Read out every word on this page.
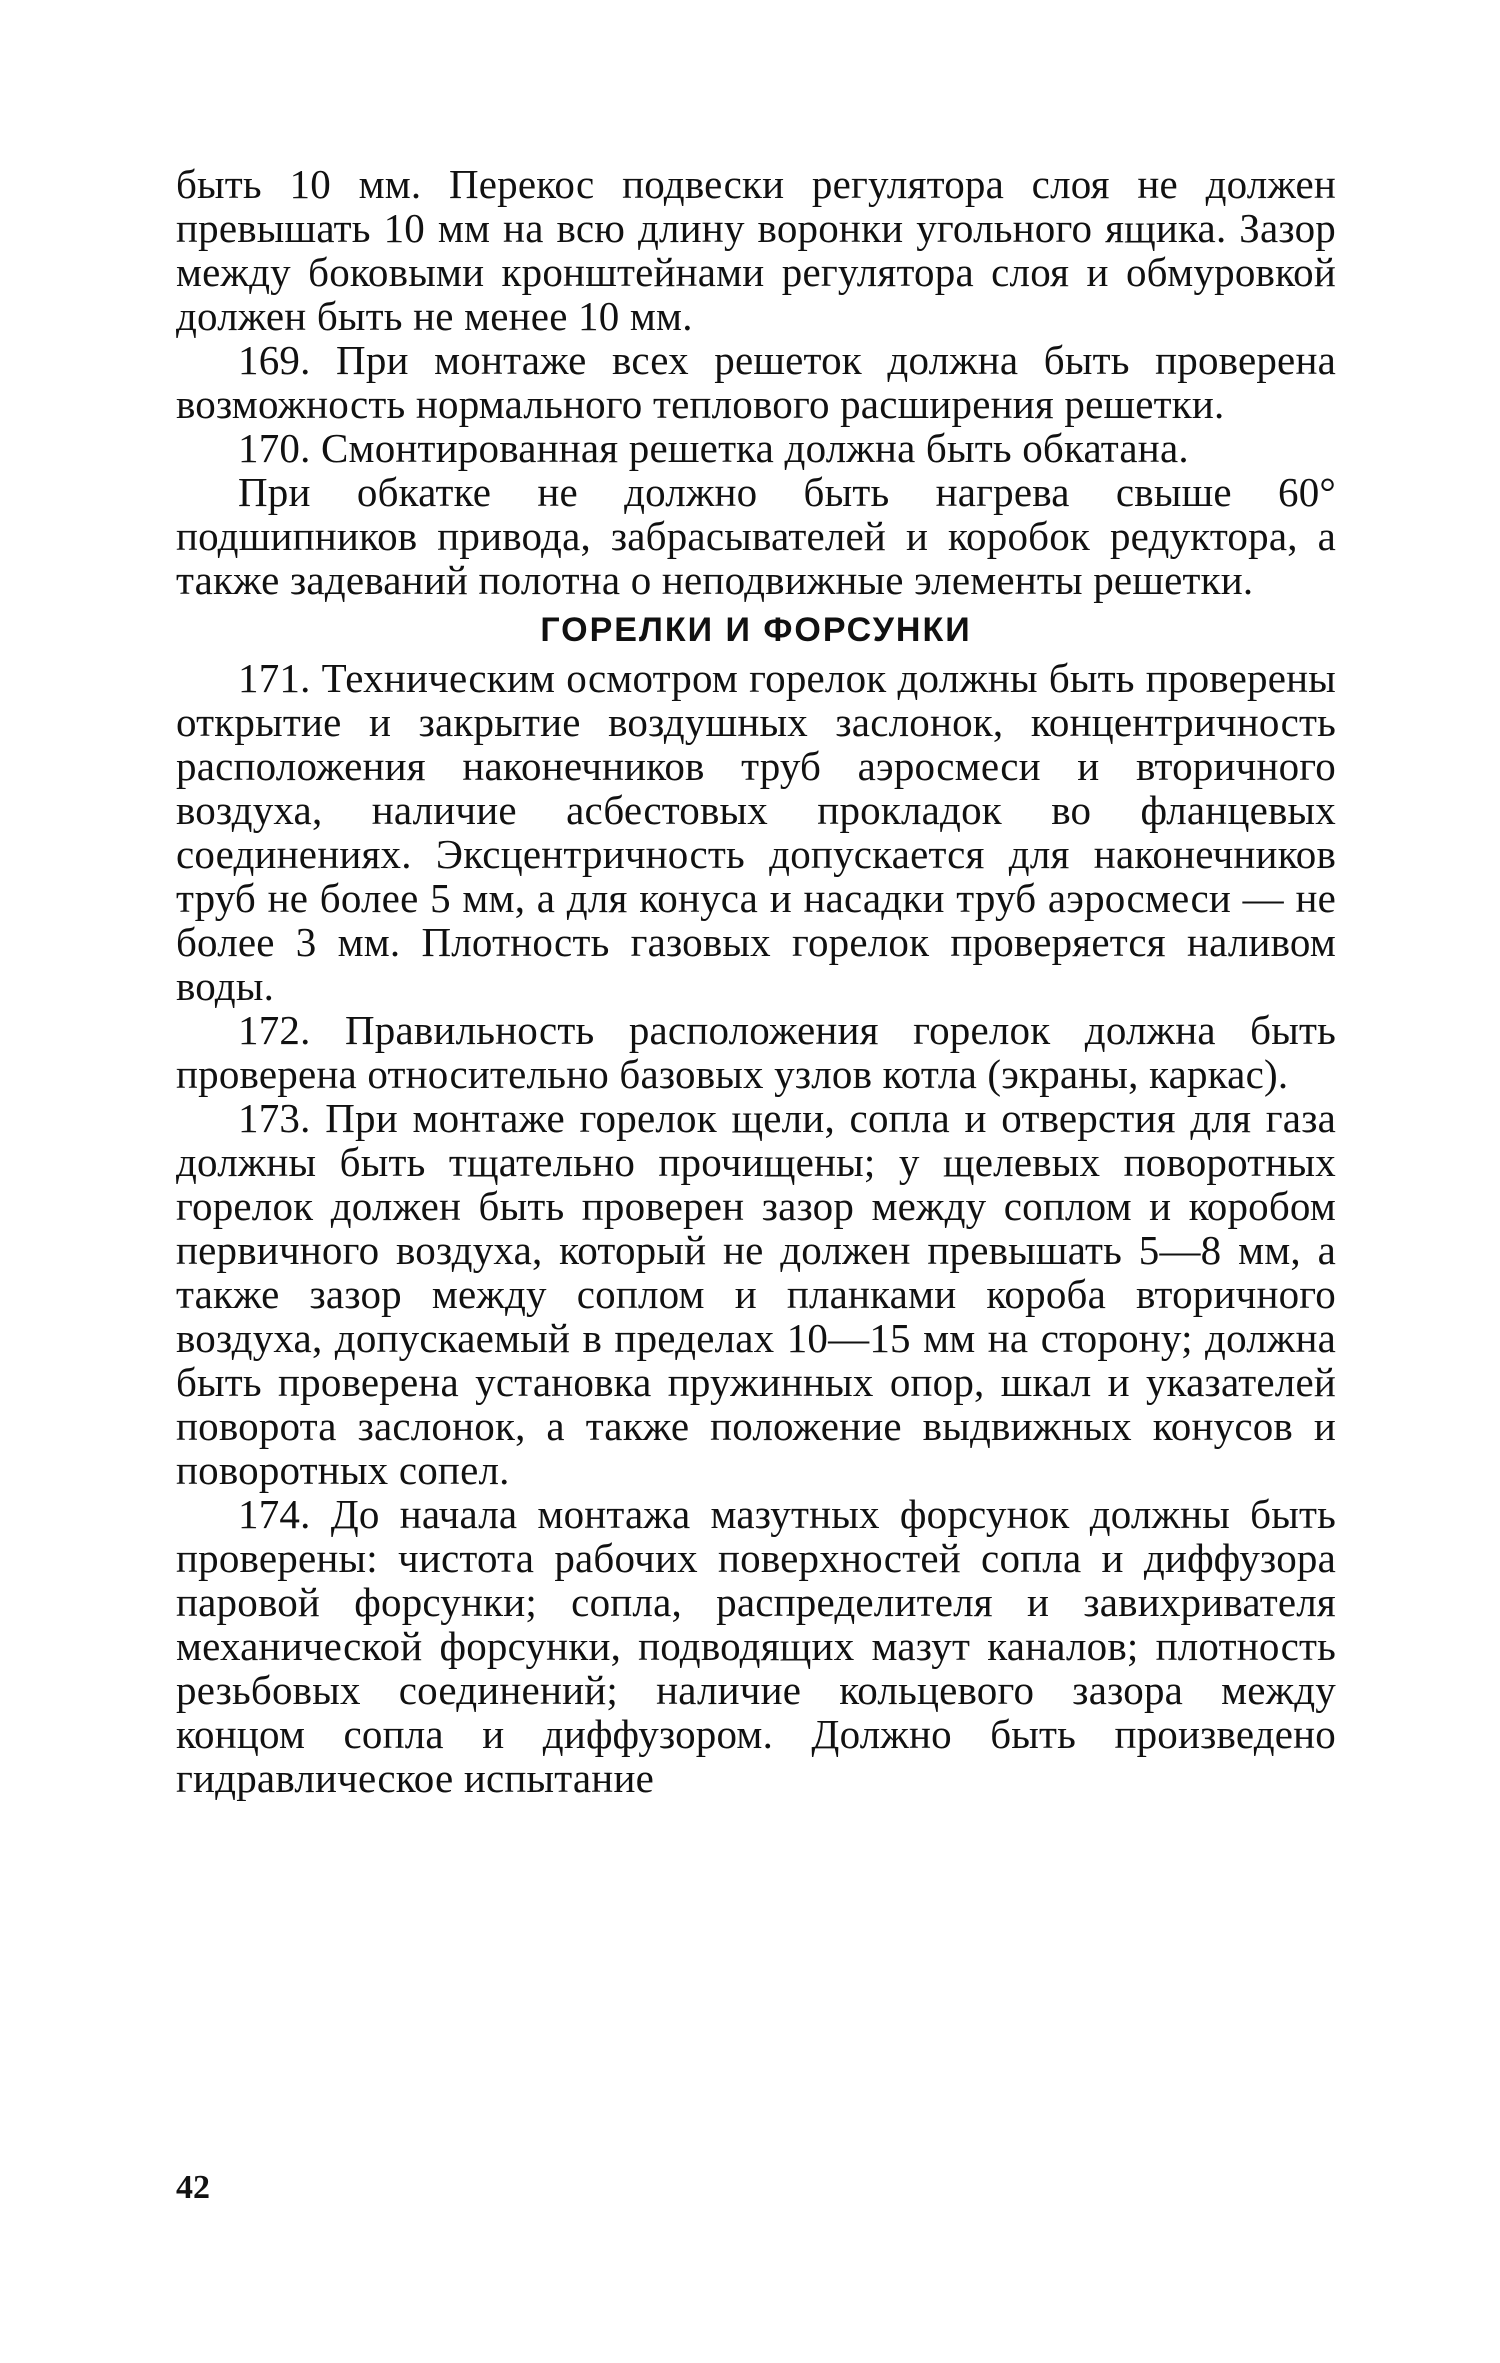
быть 10 мм. Перекос подвески регулятора слоя не должен превышать 10 мм на всю длину воронки угольного ящика. Зазор между боковыми кронштейнами регулятора слоя и обмуровкой должен быть не менее 10 мм.

169. При монтаже всех решеток должна быть проверена возможность нормального теплового расширения решетки.

170. Смонтированная решетка должна быть обкатана.

При обкатке не должно быть нагрева свыше 60° подшипников привода, забрасывателей и коробок редуктора, а также задеваний полотна о неподвижные элементы решетки.

ГОРЕЛКИ И ФОРСУНКИ

171. Техническим осмотром горелок должны быть проверены открытие и закрытие воздушных заслонок, концентричность расположения наконечников труб аэросмеси и вторичного воздуха, наличие асбестовых прокладок во фланцевых соединениях. Эксцентричность допускается для наконечников труб не более 5 мм, а для конуса и насадки труб аэросмеси — не более 3 мм. Плотность газовых горелок проверяется наливом воды.

172. Правильность расположения горелок должна быть проверена относительно базовых узлов котла (экраны, каркас).

173. При монтаже горелок щели, сопла и отверстия для газа должны быть тщательно прочищены; у щелевых поворотных горелок должен быть проверен зазор между соплом и коробом первичного воздуха, который не должен превышать 5—8 мм, а также зазор между соплом и планками короба вторичного воздуха, допускаемый в пределах 10—15 мм на сторону; должна быть проверена установка пружинных опор, шкал и указателей поворота заслонок, а также положение выдвижных конусов и поворотных сопел.

174. До начала монтажа мазутных форсунок должны быть проверены: чистота рабочих поверхностей сопла и диффузора паровой форсунки; сопла, распределителя и завихривателя механической форсунки, подводящих мазут каналов; плотность резьбовых соединений; наличие кольцевого зазора между концом сопла и диффузором. Должно быть произведено гидравлическое испытание

42
